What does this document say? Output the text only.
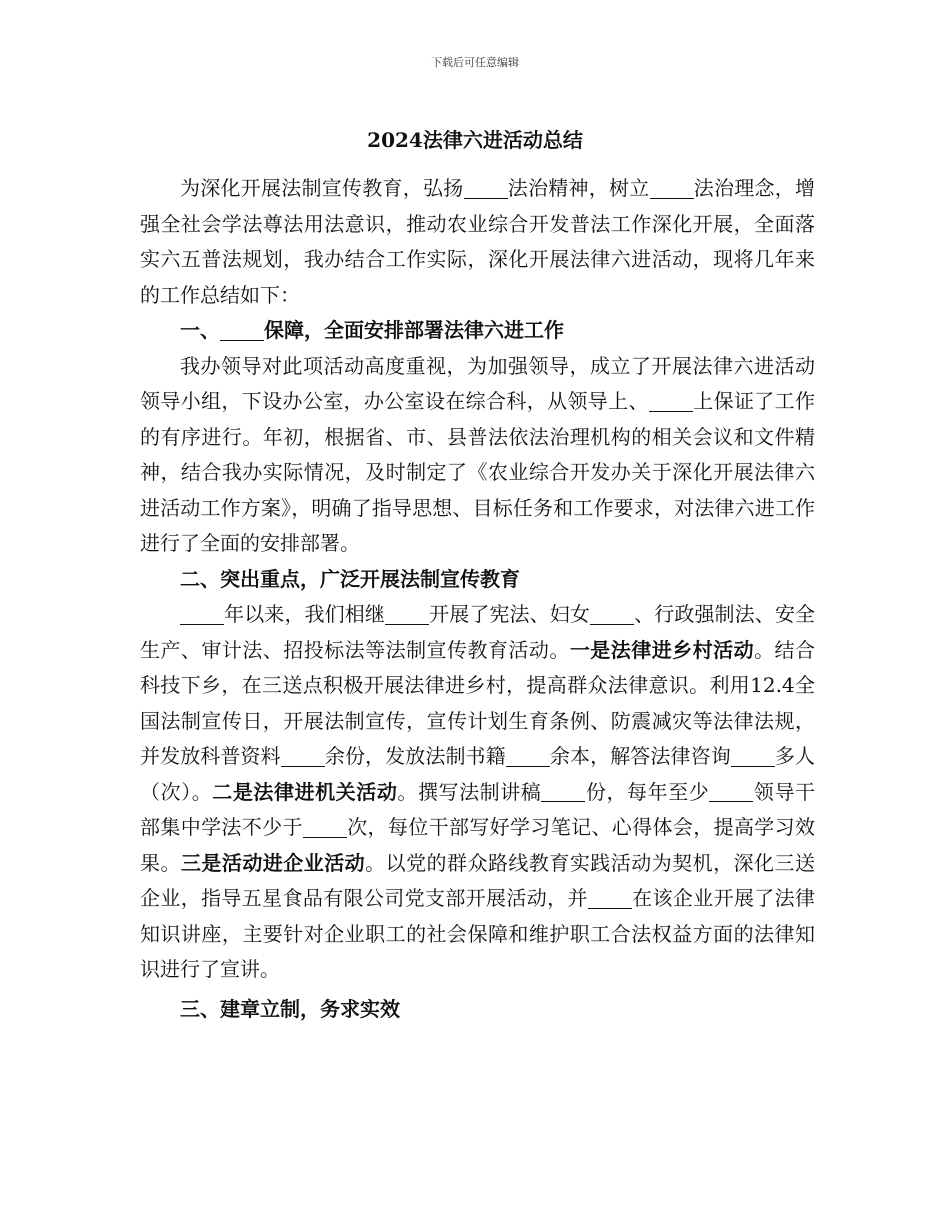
下载后可任意编辑
2024法律六进活动总结

为深化开展法制宣传教育，弘扬 法治精神，树立 法治理念，增强全社会学法尊法用法意识，推动农业综合开发普法工作深化开展，全面落实六五普法规划，我办结合工作实际，深化开展法律六进活动，现将几年来的工作总结如下：

一、 保障，全面安排部署法律六进工作

我办领导对此项活动高度重视，为加强领导，成立了开展法律六进活动领导小组，下设办公室，办公室设在综合科，从领导上、 上保证了工作的有序进行。年初，根据省、市、县普法依法治理机构的相关会议和文件精神，结合我办实际情况，及时制定了《农业综合开发办关于深化开展法律六进活动工作方案》，明确了指导思想、目标任务和工作要求，对法律六进工作进行了全面的安排部署。

二、突出重点，广泛开展法制宣传教育

年以来，我们相继 开展了宪法、妇女 、行政强制法、安全生产、审计法、招投标法等法制宣传教育活动。一是法律进乡村活动。结合科技下乡，在三送点积极开展法律进乡村，提高群众法律意识。利用12.4全国法制宣传日，开展法制宣传，宣传计划生育条例、防震减灾等法律法规，并发放科普资料 余份，发放法制书籍 余本，解答法律咨询 多人（次）。二是法律进机关活动。撰写法制讲稿 份，每年至少 领导干部集中学法不少于 次，每位干部写好学习笔记、心得体会，提高学习效果。三是活动进企业活动。以党的群众路线教育实践活动为契机，深化三送企业，指导五星食品有限公司党支部开展活动，并 在该企业开展了法律知识讲座，主要针对企业职工的社会保障和维护职工合法权益方面的法律知识进行了宣讲。

三、建章立制，务求实效
